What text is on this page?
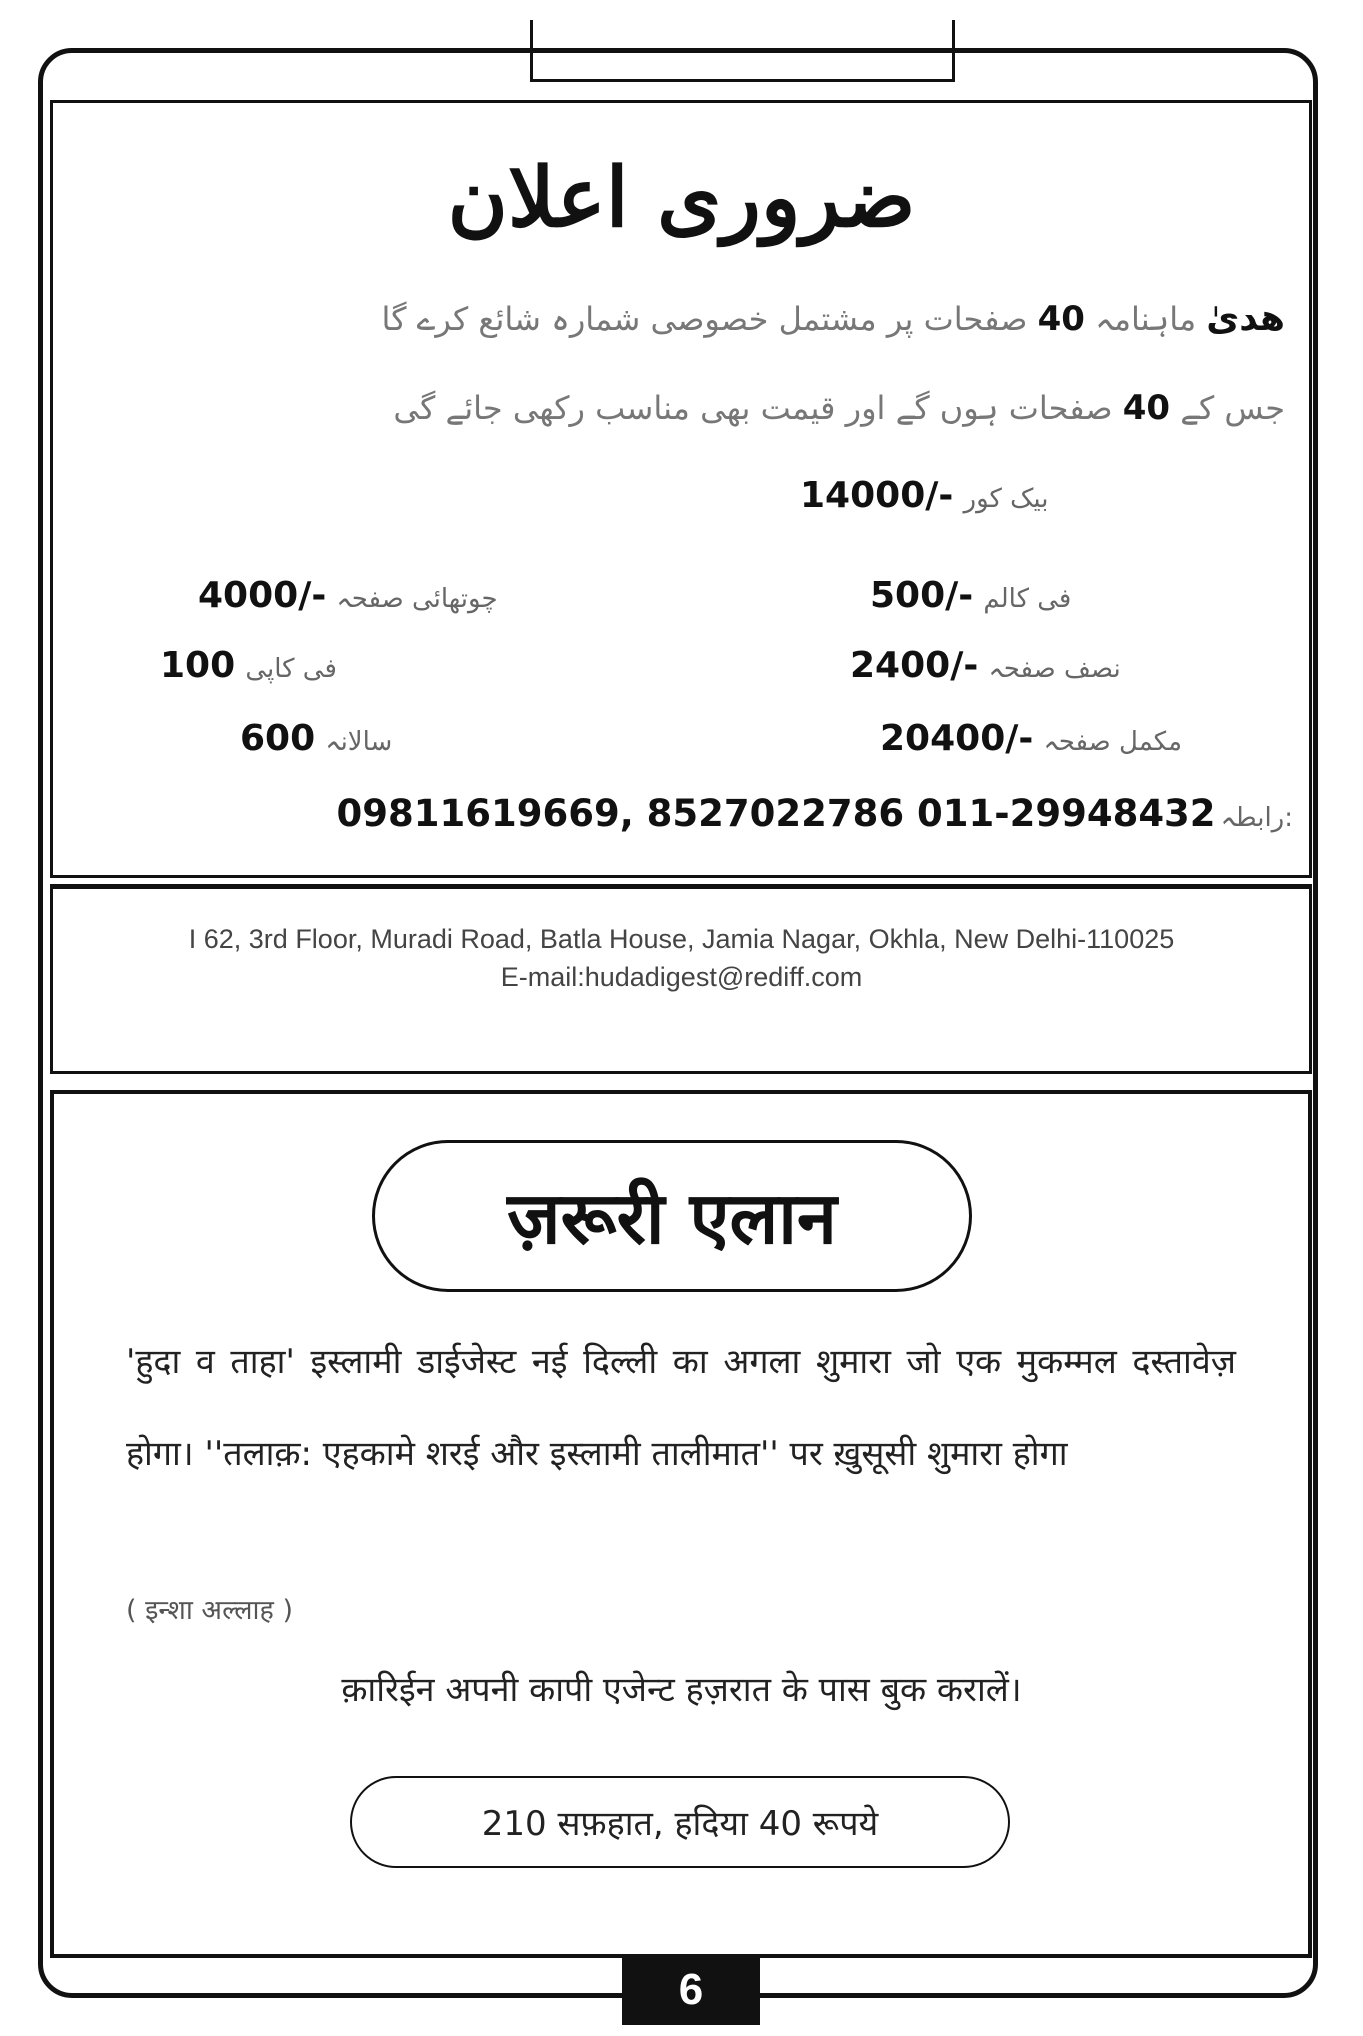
ضروری اعلان
ھدیٰ ماہنامہ 40 صفحات پر مشتمل خصوصی شمارہ شائع کرے گا
جس کے 40 صفحات ہوں گے اور قیمت بھی مناسب رکھی جائے گی
14000/- بیک کور
4000/- چوتھائی صفحہ
100 فی کاپی
600 سالانہ
500/- فی کالم
2400/- نصف صفحہ
20400/- مکمل صفحہ
09811619669, 8527022786 011-29948432 رابطہ:
I 62, 3rd Floor, Muradi Road, Batla House, Jamia Nagar, Okhla, New Delhi-110025
E-mail:hudadigest@rediff.com
ज़रूरी एलान
'हुदा व ताहा' इस्लामी डाईजेस्ट नई दिल्ली का अगला शुमारा जो एक मुकम्मल दस्तावेज़ होगा। ''तलाक़: एहकामे शरई और इस्लामी तालीमात'' पर ख़ुसूसी शुमारा होगा
( इन्शा अल्लाह )
क़ारिईन अपनी कापी एजेन्ट हज़रात के पास बुक करालें।
210 सफ़हात, हदिया 40 रूपये
6
